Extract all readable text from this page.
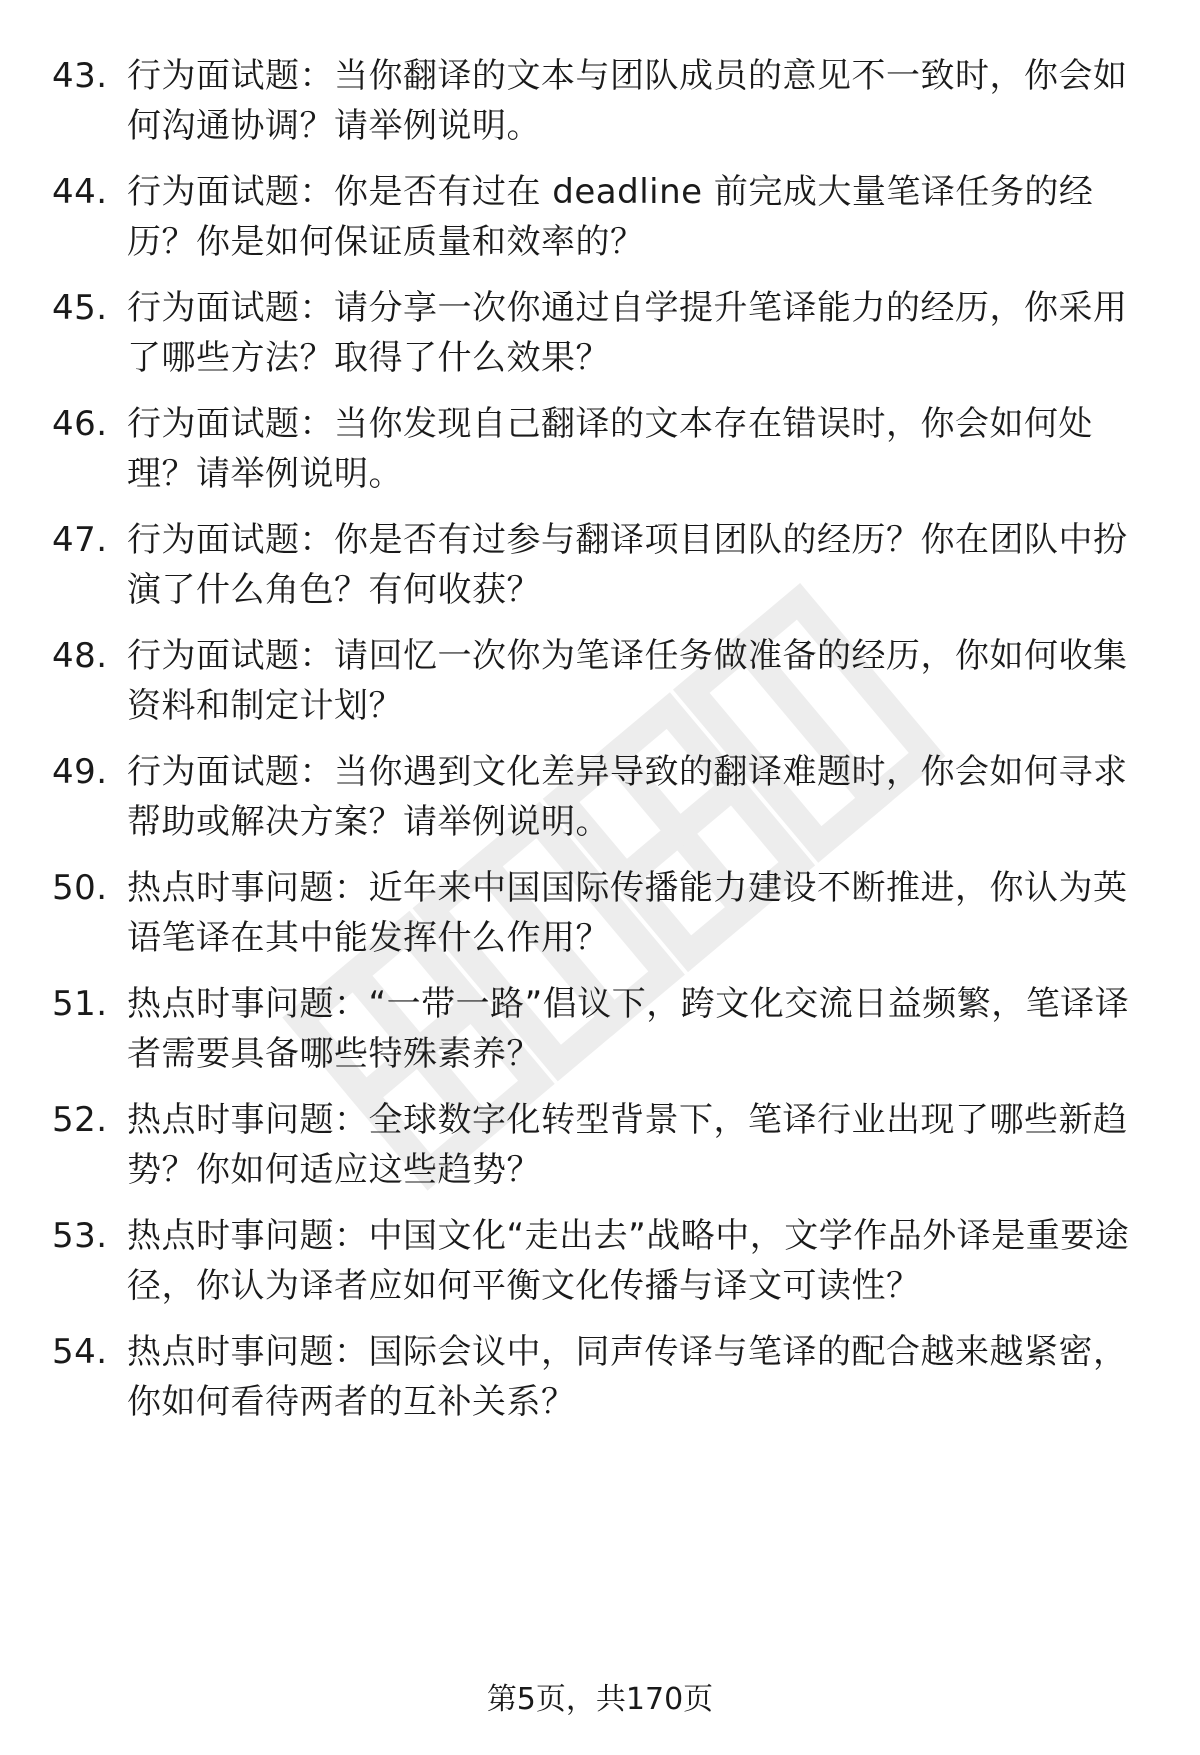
43. 行为面试题：当你翻译的文本与团队成员的意见不一致时，你会如何沟通协调？请举例说明。
44. 行为面试题：你是否有过在 deadline 前完成大量笔译任务的经历？你是如何保证质量和效率的？
45. 行为面试题：请分享一次你通过自学提升笔译能力的经历，你采用了哪些方法？取得了什么效果？
46. 行为面试题：当你发现自己翻译的文本存在错误时，你会如何处理？请举例说明。
47. 行为面试题：你是否有过参与翻译项目团队的经历？你在团队中扮演了什么角色？有何收获？
48. 行为面试题：请回忆一次你为笔译任务做准备的经历，你如何收集资料和制定计划？
49. 行为面试题：当你遇到文化差异导致的翻译难题时，你会如何寻求帮助或解决方案？请举例说明。
50. 热点时事问题：近年来中国国际传播能力建设不断推进，你认为英语笔译在其中能发挥什么作用？
51. 热点时事问题：“一带一路”倡议下，跨文化交流日益频繁，笔译译者需要具备哪些特殊素养？
52. 热点时事问题：全球数字化转型背景下，笔译行业出现了哪些新趋势？你如何适应这些趋势？
53. 热点时事问题：中国文化“走出去”战略中，文学作品外译是重要途径，你认为译者应如何平衡文化传播与译文可读性？
54. 热点时事问题：国际会议中，同声传译与笔译的配合越来越紧密，你如何看待两者的互补关系？
第5页，共170页
